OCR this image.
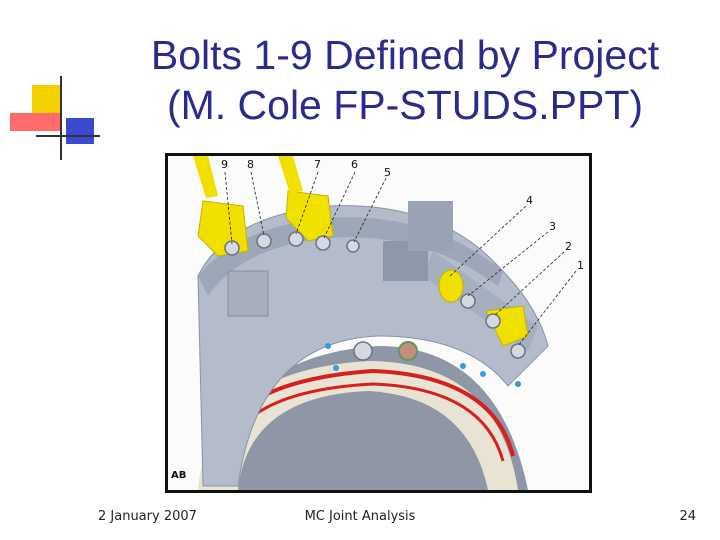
Bolts 1-9 Defined by Project
(M. Cole FP-STUDS.PPT)
9 8	7	6
5
4
3
2
1
AB
2 January 2007	MC Joint Analysis	24
